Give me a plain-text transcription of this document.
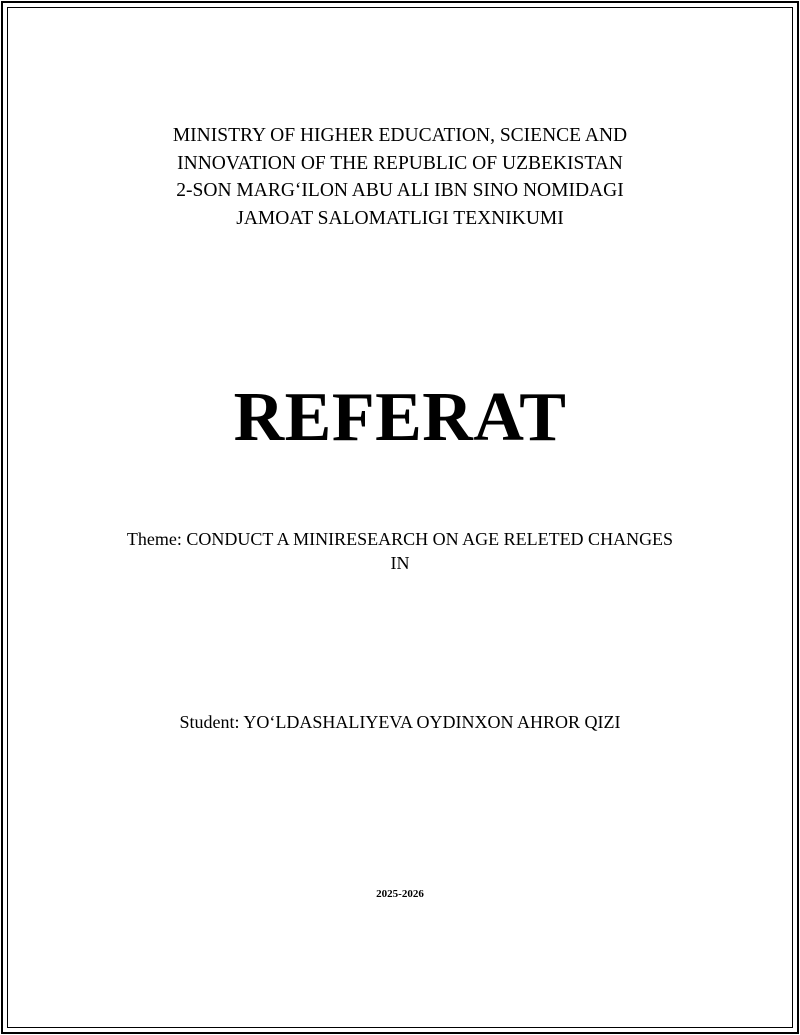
MINISTRY OF HIGHER EDUCATION, SCIENCE AND
INNOVATION OF THE REPUBLIC OF UZBEKISTAN
2-SON MARG‘ILON ABU ALI IBN SINO NOMIDAGI
JAMOAT SALOMATLIGI TEXNIKUMI
REFERAT
Theme: CONDUCT A MINIRESEARCH ON AGE RELETED CHANGES
IN
Student: YO‘LDASHALIYEVA OYDINXON AHROR QIZI
2025-2026
